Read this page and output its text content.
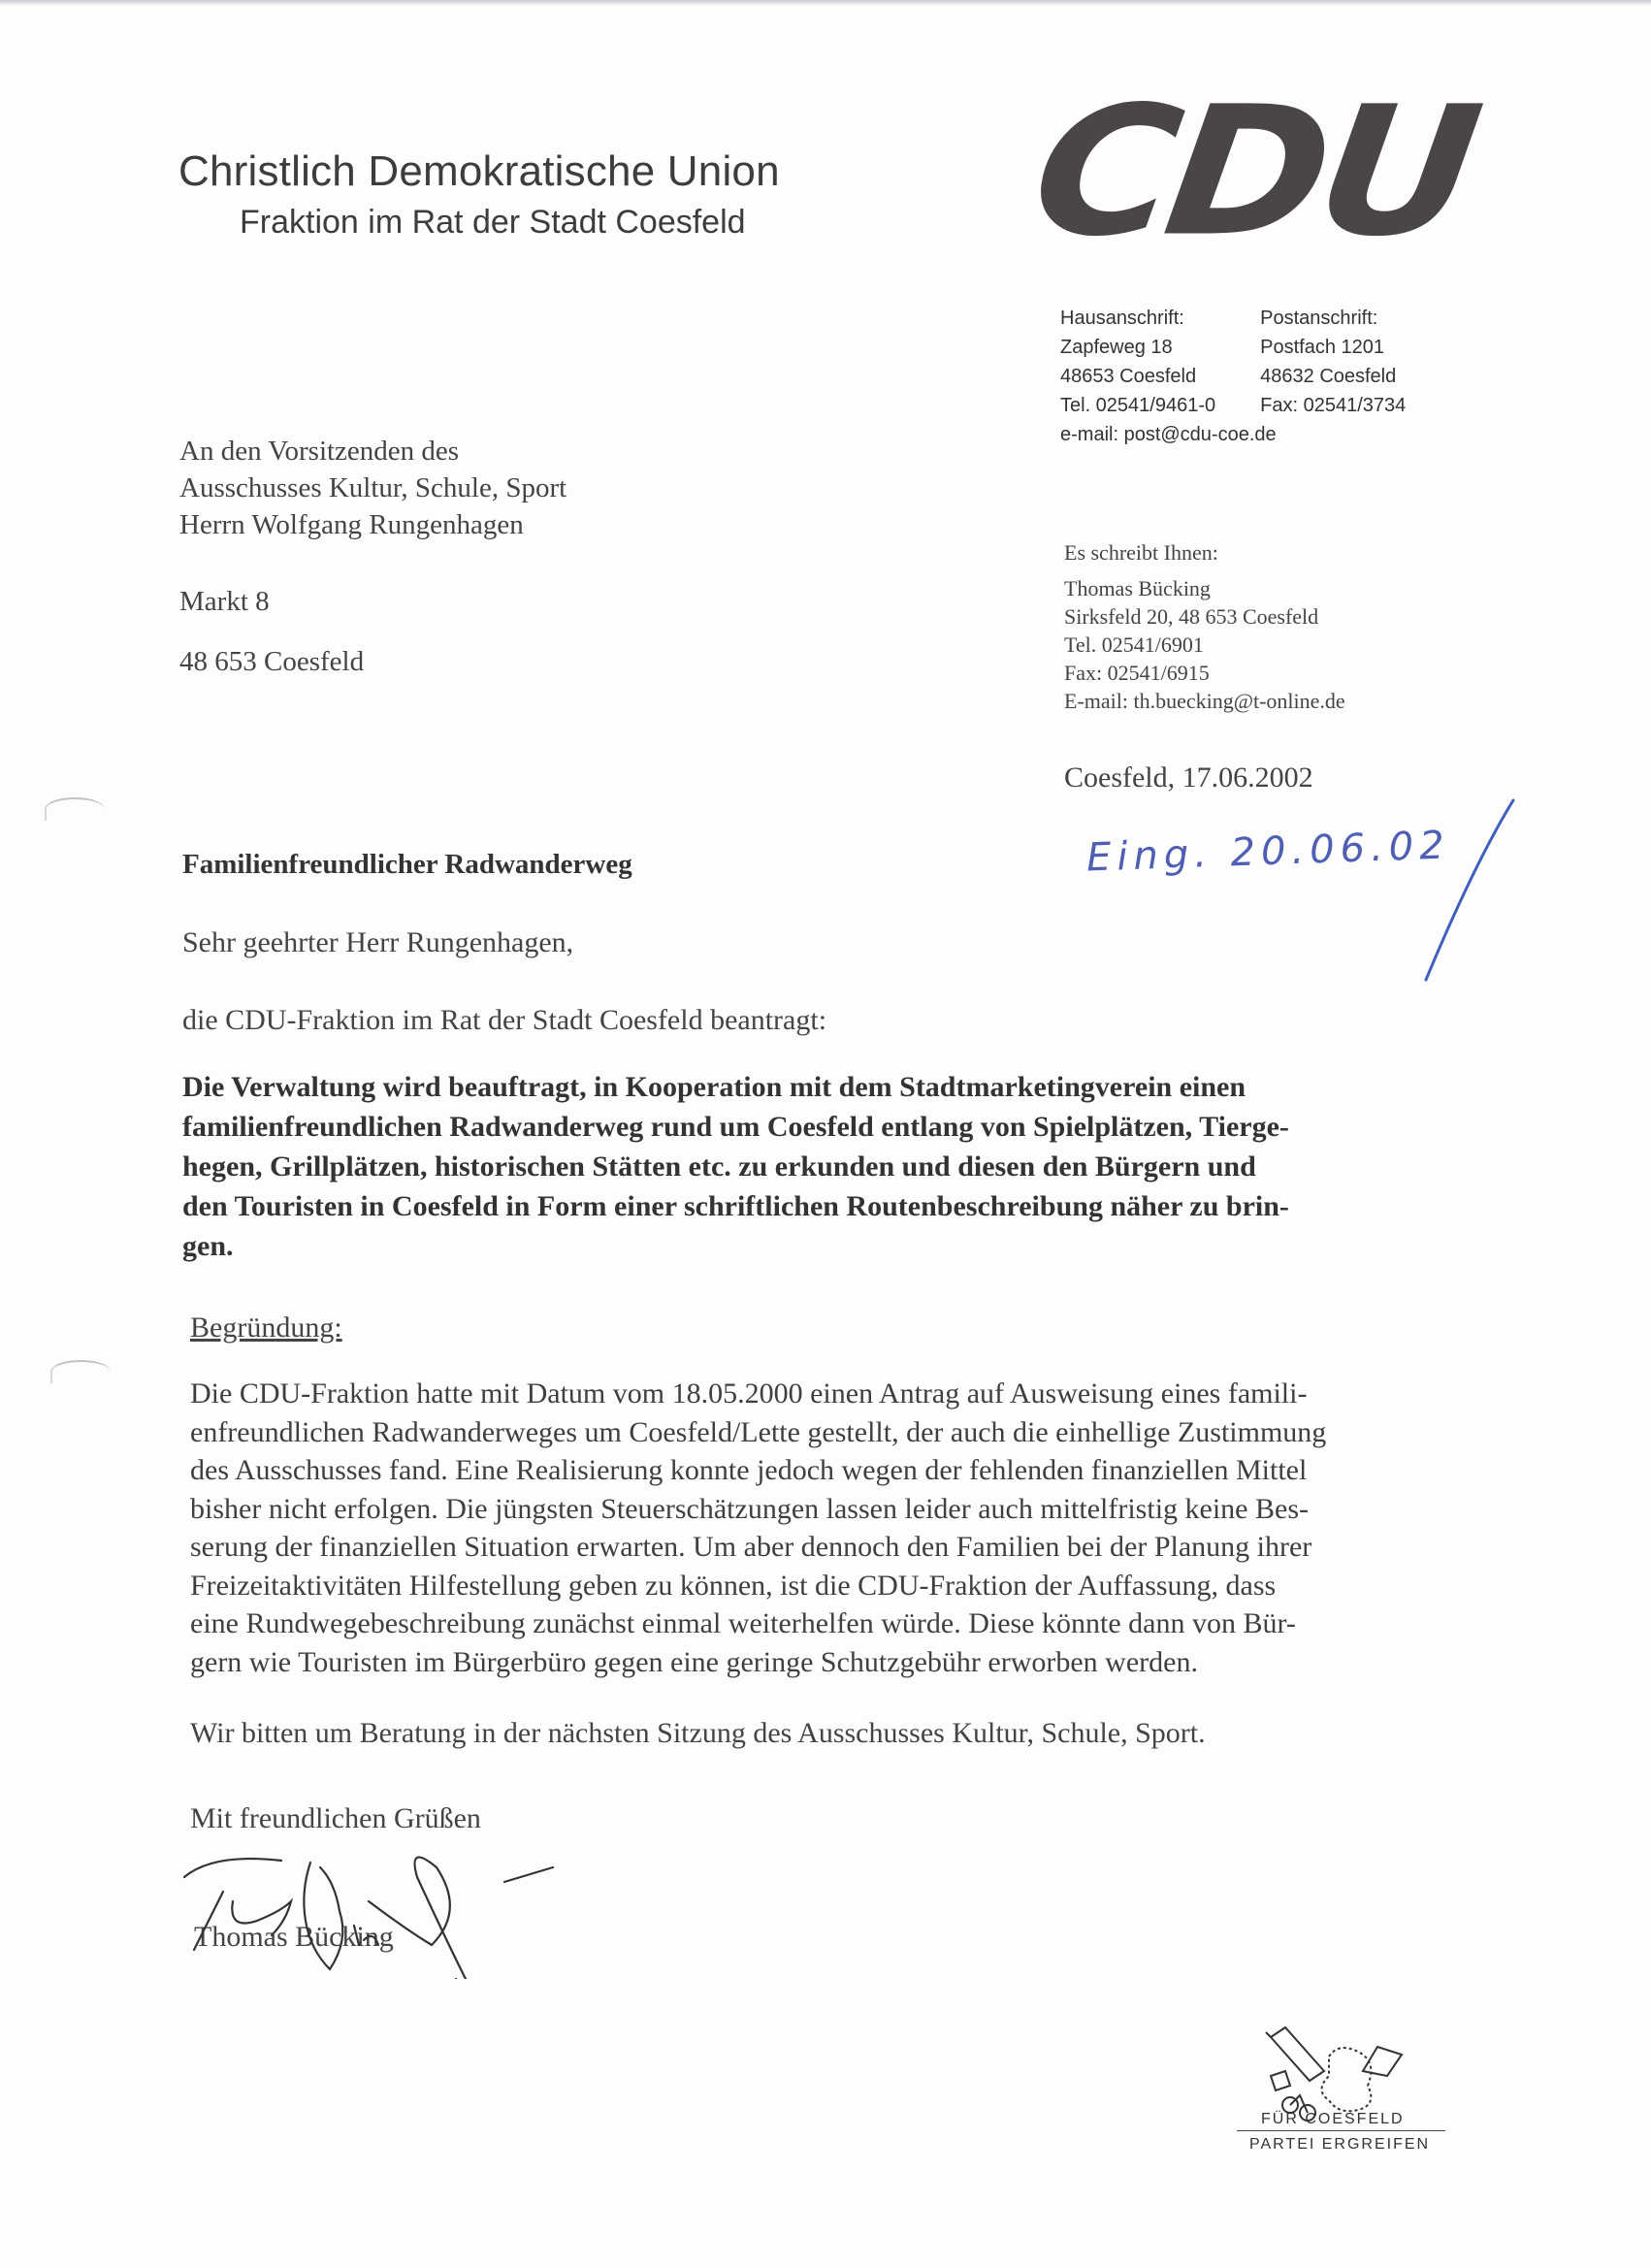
Christlich Demokratische Union
Fraktion im Rat der Stadt Coesfeld CDU
Hausanschrift:
Zapfeweg 18
48653 Coesfeld
Tel. 02541/9461-0
Postanschrift:
Postfach 1201
48632 Coesfeld
Fax: 02541/3734
e-mail: post@cdu-coe.de
An den Vorsitzenden des
Ausschusses Kultur, Schule, Sport
Herrn Wolfgang Rungenhagen
Markt 8
48 653 Coesfeld
Es schreibt Ihnen:
Thomas Bücking
Sirksfeld 20, 48 653 Coesfeld
Tel. 02541/6901
Fax: 02541/6915
E-mail: th.buecking@t-online.de
Coesfeld, 17.06.2002
Eing. 20.06.02
Familienfreundlicher Radwanderweg
Sehr geehrter Herr Rungenhagen,
die CDU-Fraktion im Rat der Stadt Coesfeld beantragt:
Die Verwaltung wird beauftragt, in Kooperation mit dem Stadtmarketingverein einen
familienfreundlichen Radwanderweg rund um Coesfeld entlang von Spielplätzen, Tierge-
hegen, Grillplätzen, historischen Stätten etc. zu erkunden und diesen den Bürgern und
den Touristen in Coesfeld in Form einer schriftlichen Routenbeschreibung näher zu brin-
gen.
Begründung:
Die CDU-Fraktion hatte mit Datum vom 18.05.2000 einen Antrag auf Ausweisung eines famili-
enfreundlichen Radwanderweges um Coesfeld/Lette gestellt, der auch die einhellige Zustimmung
des Ausschusses fand. Eine Realisierung konnte jedoch wegen der fehlenden finanziellen Mittel
bisher nicht erfolgen. Die jüngsten Steuerschätzungen lassen leider auch mittelfristig keine Bes-
serung der finanziellen Situation erwarten. Um aber dennoch den Familien bei der Planung ihrer
Freizeitaktivitäten Hilfestellung geben zu können, ist die CDU-Fraktion der Auffassung, dass
eine Rundwegebeschreibung zunächst einmal weiterhelfen würde. Diese könnte dann von Bür-
gern wie Touristen im Bürgerbüro gegen eine geringe Schutzgebühr erworben werden.
Wir bitten um Beratung in der nächsten Sitzung des Ausschusses Kultur, Schule, Sport.
Mit freundlichen Grüßen
Thomas Bücking
FÜR COESFELD
PARTEI ERGREIFEN
